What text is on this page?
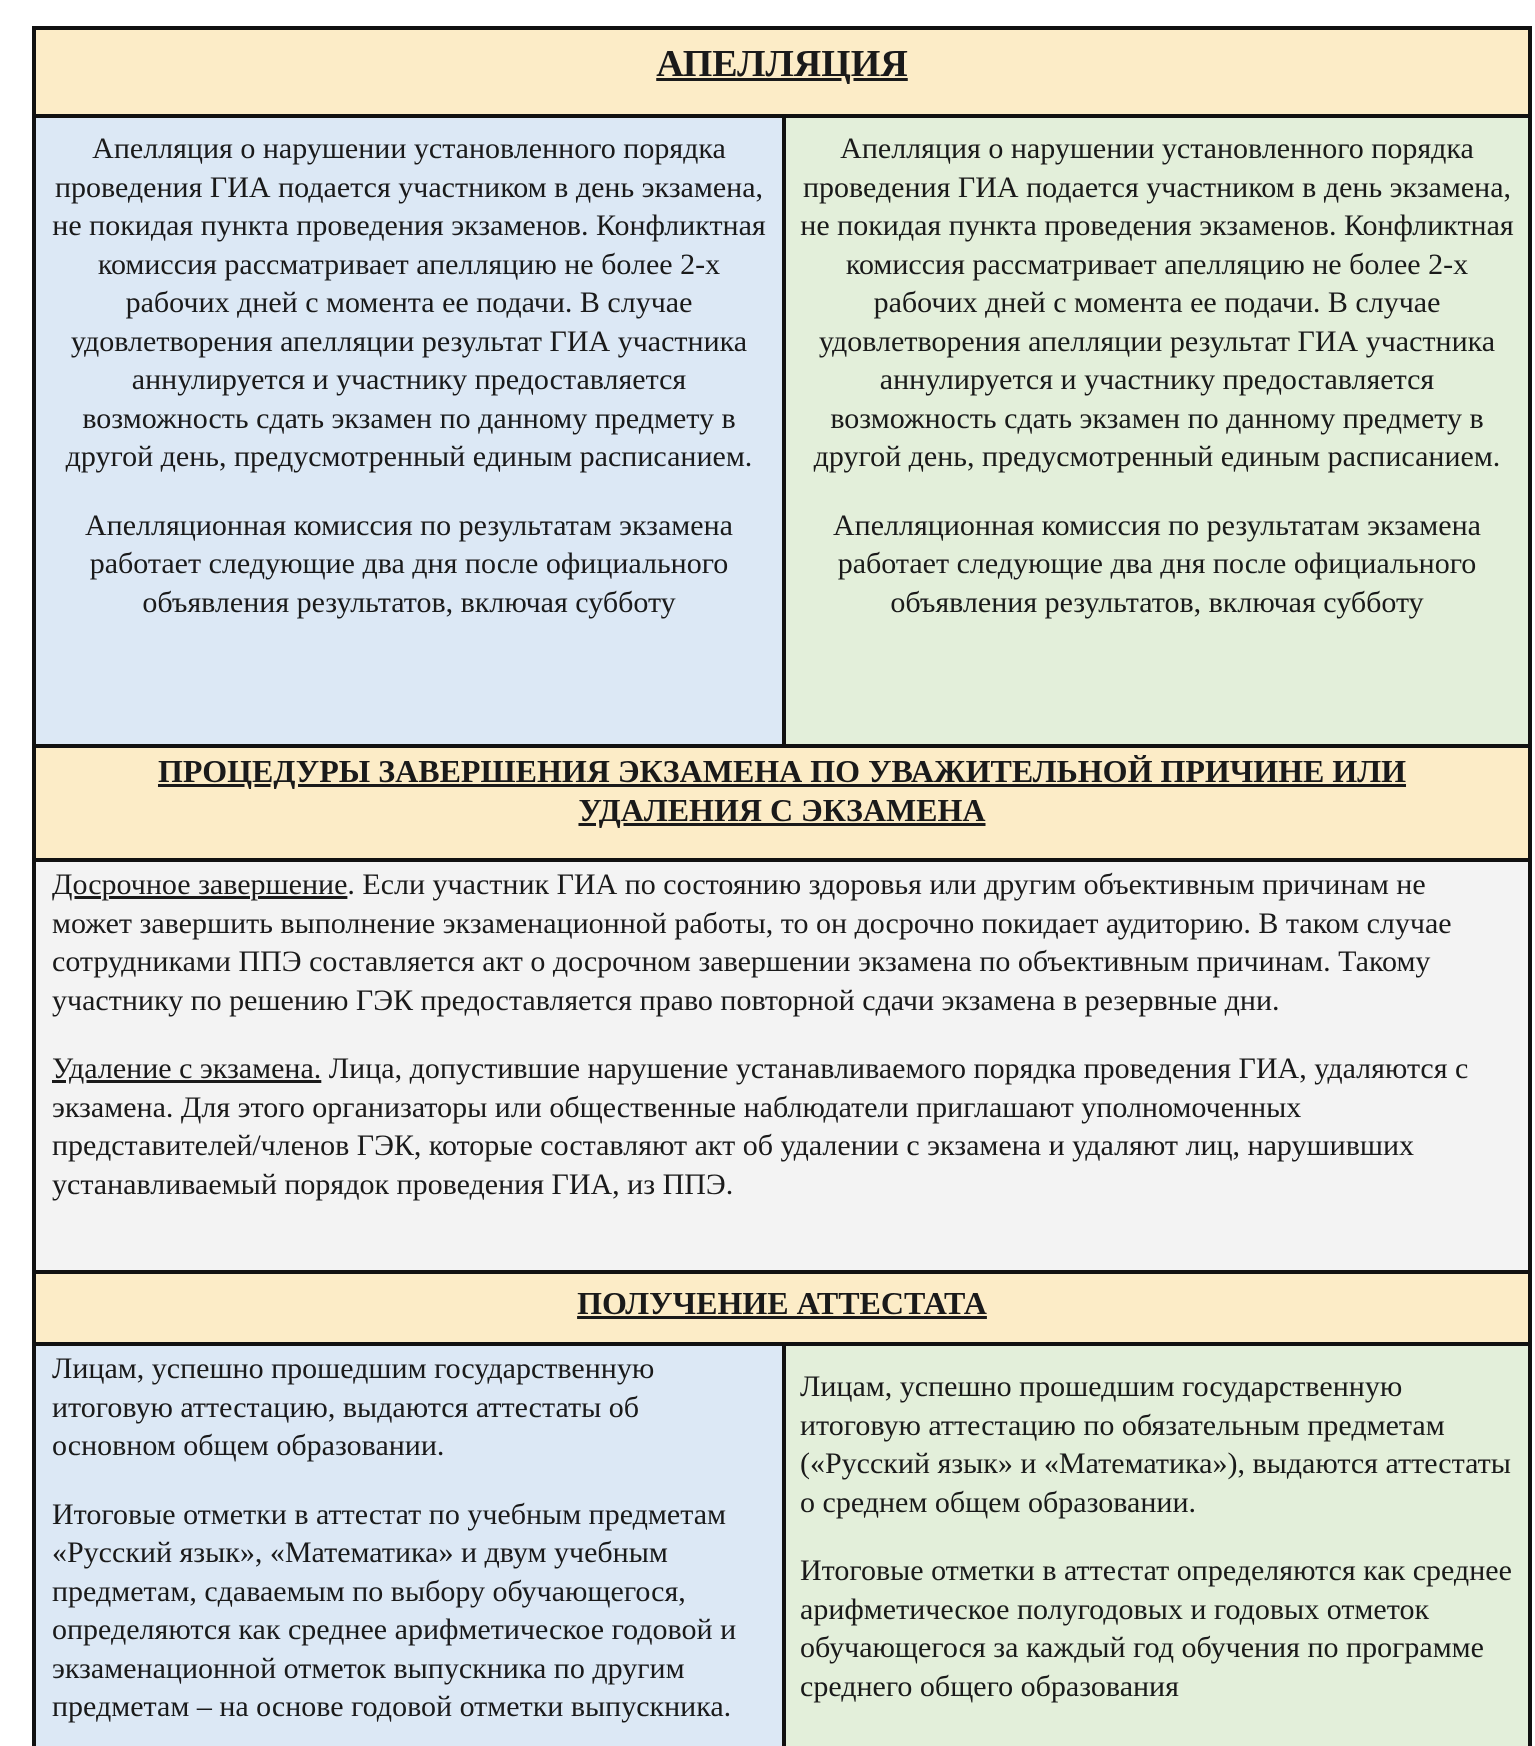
АПЕЛЛЯЦИЯ

Апелляция о нарушении установленного порядка проведения ГИА подается участником в день экзамена, не покидая пункта проведения экзаменов. Конфликтная комиссия рассматривает апелляцию не более 2-х рабочих дней с момента ее подачи. В случае удовлетворения апелляции результат ГИА участника аннулируется и участнику предоставляется возможность сдать экзамен по данному предмету в другой день, предусмотренный единым расписанием.

Апелляционная комиссия по результатам экзамена работает следующие два дня после официального объявления результатов, включая субботу

Апелляция о нарушении установленного порядка проведения ГИА подается участником в день экзамена, не покидая пункта проведения экзаменов. Конфликтная комиссия рассматривает апелляцию не более 2-х рабочих дней с момента ее подачи. В случае удовлетворения апелляции результат ГИА участника аннулируется и участнику предоставляется возможность сдать экзамен по данному предмету в другой день, предусмотренный единым расписанием.

Апелляционная комиссия по результатам экзамена работает следующие два дня после официального объявления результатов, включая субботу

ПРОЦЕДУРЫ ЗАВЕРШЕНИЯ ЭКЗАМЕНА ПО УВАЖИТЕЛЬНОЙ ПРИЧИНЕ ИЛИ УДАЛЕНИЯ С ЭКЗАМЕНА

Досрочное завершение. Если участник ГИА по состоянию здоровья или другим объективным причинам не может завершить выполнение экзаменационной работы, то он досрочно покидает аудиторию. В таком случае сотрудниками ППЭ составляется акт о досрочном завершении экзамена по объективным причинам. Такому участнику по решению ГЭК предоставляется право повторной сдачи экзамена в резервные дни.

Удаление с экзамена. Лица, допустившие нарушение устанавливаемого порядка проведения ГИА, удаляются с экзамена. Для этого организаторы или общественные наблюдатели приглашают уполномоченных представителей/членов ГЭК, которые составляют акт об удалении с экзамена и удаляют лиц, нарушивших устанавливаемый порядок проведения ГИА, из ППЭ.

ПОЛУЧЕНИЕ АТТЕСТАТА

Лицам, успешно прошедшим государственную итоговую аттестацию, выдаются аттестаты об основном общем образовании.

Итоговые отметки в аттестат по учебным предметам «Русский язык», «Математика» и двум учебным предметам, сдаваемым по выбору обучающегося, определяются как среднее арифметическое годовой и экзаменационной отметок выпускника по другим предметам – на основе годовой отметки выпускника.

Лицам, успешно прошедшим государственную итоговую аттестацию по обязательным предметам («Русский язык» и «Математика»), выдаются аттестаты о среднем общем образовании.

Итоговые отметки в аттестат определяются как среднее арифметическое полугодовых и годовых отметок обучающегося за каждый год обучения по программе среднего общего образования
